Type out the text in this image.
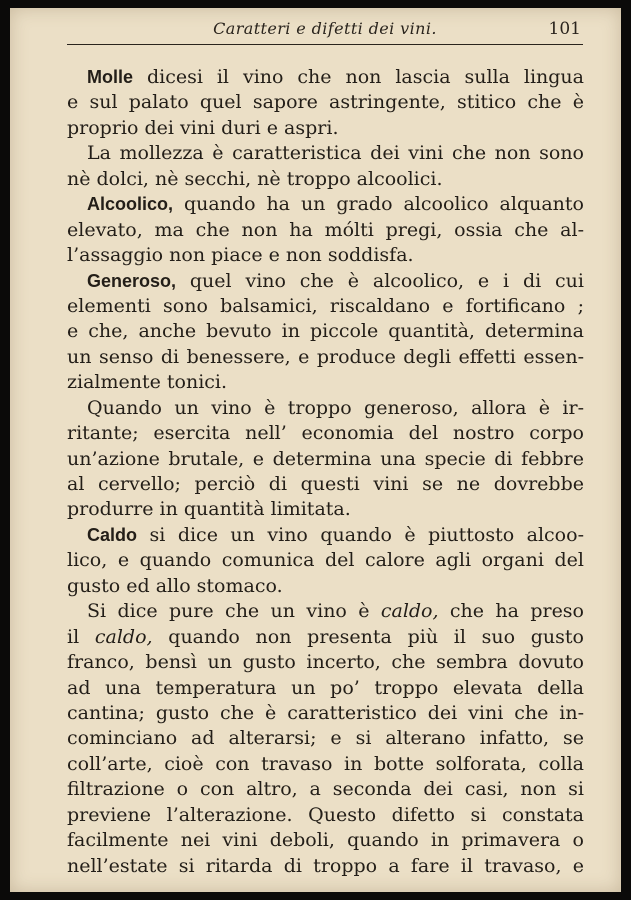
Caratteri e difetti dei vini.	101
Molle dicesi il vino che non lascia sulla lingua
e sul palato quel sapore astringente, stitico che è
proprio dei vini duri e aspri.
La mollezza è caratteristica dei vini che non sono
nè dolci, nè secchi, nè troppo alcoolici.
Alcoolico, quando ha un grado alcoolico alquanto
elevato, ma che non ha mólti pregi, ossia che al-
l’assaggio non piace e non soddisfa.
Generoso, quel vino che è alcoolico, e i di cui
elementi sono balsamici, riscaldano e fortificano ;
e che, anche bevuto in piccole quantità, determina
un senso di benessere, e produce degli effetti essen-
zialmente tonici.
Quando un vino è troppo generoso, allora è ir-
ritante; esercita nell’ economia del nostro corpo
un’azione brutale, e determina una specie di febbre
al cervello; perciò di questi vini se ne dovrebbe
produrre in quantità limitata.
Caldo si dice un vino quando è piuttosto alcoo-
lico, e quando comunica del calore agli organi del
gusto ed allo stomaco.
Si dice pure che un vino è caldo, che ha preso
il caldo, quando non presenta più il suo gusto
franco, bensì un gusto incerto, che sembra dovuto
ad una temperatura un po’ troppo elevata della
cantina; gusto che è caratteristico dei vini che in-
cominciano ad alterarsi; e si alterano infatto, se
coll’arte, cioè con travaso in botte solforata, colla
filtrazione o con altro, a seconda dei casi, non si
previene l’alterazione. Questo difetto si constata
facilmente nei vini deboli, quando in primavera o
nell’estate si ritarda di troppo a fare il travaso, e
